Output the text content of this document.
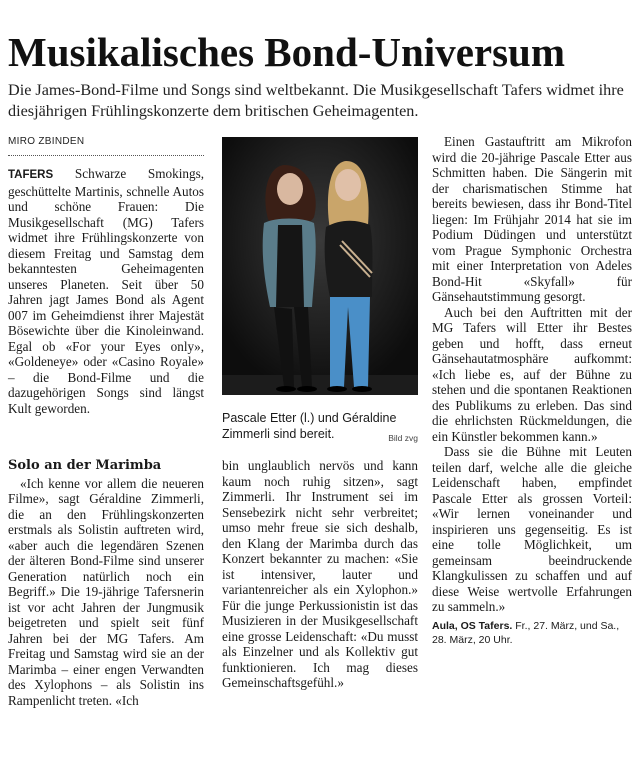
Musikalisches Bond-Universum

Die James-Bond-Filme und Songs sind weltbekannt. Die Musikgesellschaft Tafers widmet ihre diesjährigen Frühlingskonzerte dem britischen Geheimagenten.

MIRO ZBINDEN

TAFERS Schwarze Smokings, geschüttelte Martinis, schnelle Autos und schöne Frauen: Die Musikgesellschaft (MG) Tafers widmet ihre Frühlingskonzerte von diesem Freitag und Samstag dem bekanntesten Geheimagenten unseres Planeten. Seit über 50 Jahren jagt James Bond als Agent 007 im Geheimdienst ihrer Majestät Bösewichte über die Kinoleinwand. Egal ob «For your Eyes only», «Goldeneye» oder «Casino Royale» – die Bond-Filme und die dazugehörigen Songs sind längst Kult geworden.

Solo an der Marimba

«Ich kenne vor allem die neueren Filme», sagt Géraldine Zimmerli, die an den Frühlingskonzerten erstmals als Solistin auftreten wird, «aber auch die legendären Szenen der älteren Bond-Filme sind unserer Generation natürlich noch ein Begriff.» Die 19-jährige Tafersnerin ist vor acht Jahren der Jungmusik beigetreten und spielt seit fünf Jahren bei der MG Tafers. Am Freitag und Samstag wird sie an der Marimba – einer engen Verwandten des Xylophons – als Solistin ins Rampenlicht treten. «Ich

Pascale Etter (l.) und Géraldine Zimmerli sind bereit.	Bild zvg

bin unglaublich nervös und kann kaum noch ruhig sitzen», sagt Zimmerli. Ihr Instrument sei im Sensebezirk nicht sehr verbreitet; umso mehr freue sie sich deshalb, den Klang der Marimba durch das Konzert bekannter zu machen: «Sie ist intensiver, lauter und variantenreicher als ein Xylophon.» Für die junge Perkussionistin ist das Musizieren in der Musikgesellschaft eine grosse Leidenschaft: «Du musst als Einzelner und als Kollektiv gut funktionieren. Ich mag dieses Gemeinschaftsgefühl.»

Einen Gastauftritt am Mikrofon wird die 20-jährige Pascale Etter aus Schmitten haben. Die Sängerin mit der charismatischen Stimme hat bereits bewiesen, dass ihr Bond-Titel liegen: Im Frühjahr 2014 hat sie im Podium Düdingen und unterstützt vom Prague Symphonic Orchestra mit einer Interpretation von Adeles Bond-Hit «Skyfall» für Gänsehautstimmung gesorgt.

Auch bei den Auftritten mit der MG Tafers will Etter ihr Bestes geben und hofft, dass erneut Gänsehautatmosphäre aufkommt: «Ich liebe es, auf der Bühne zu stehen und die spontanen Reaktionen des Publikums zu erleben. Das sind die ehrlichsten Rückmeldungen, die ein Künstler bekommen kann.»

Dass sie die Bühne mit Leuten teilen darf, welche alle die gleiche Leidenschaft haben, empfindet Pascale Etter als grossen Vorteil: «Wir lernen voneinander und inspirieren uns gegenseitig. Es ist eine tolle Möglichkeit, um gemeinsam beeindruckende Klangkulissen zu schaffen und auf diese Weise wertvolle Erfahrungen zu sammeln.»

Aula, OS Tafers. Fr., 27. März, und Sa., 28. März, 20 Uhr.
